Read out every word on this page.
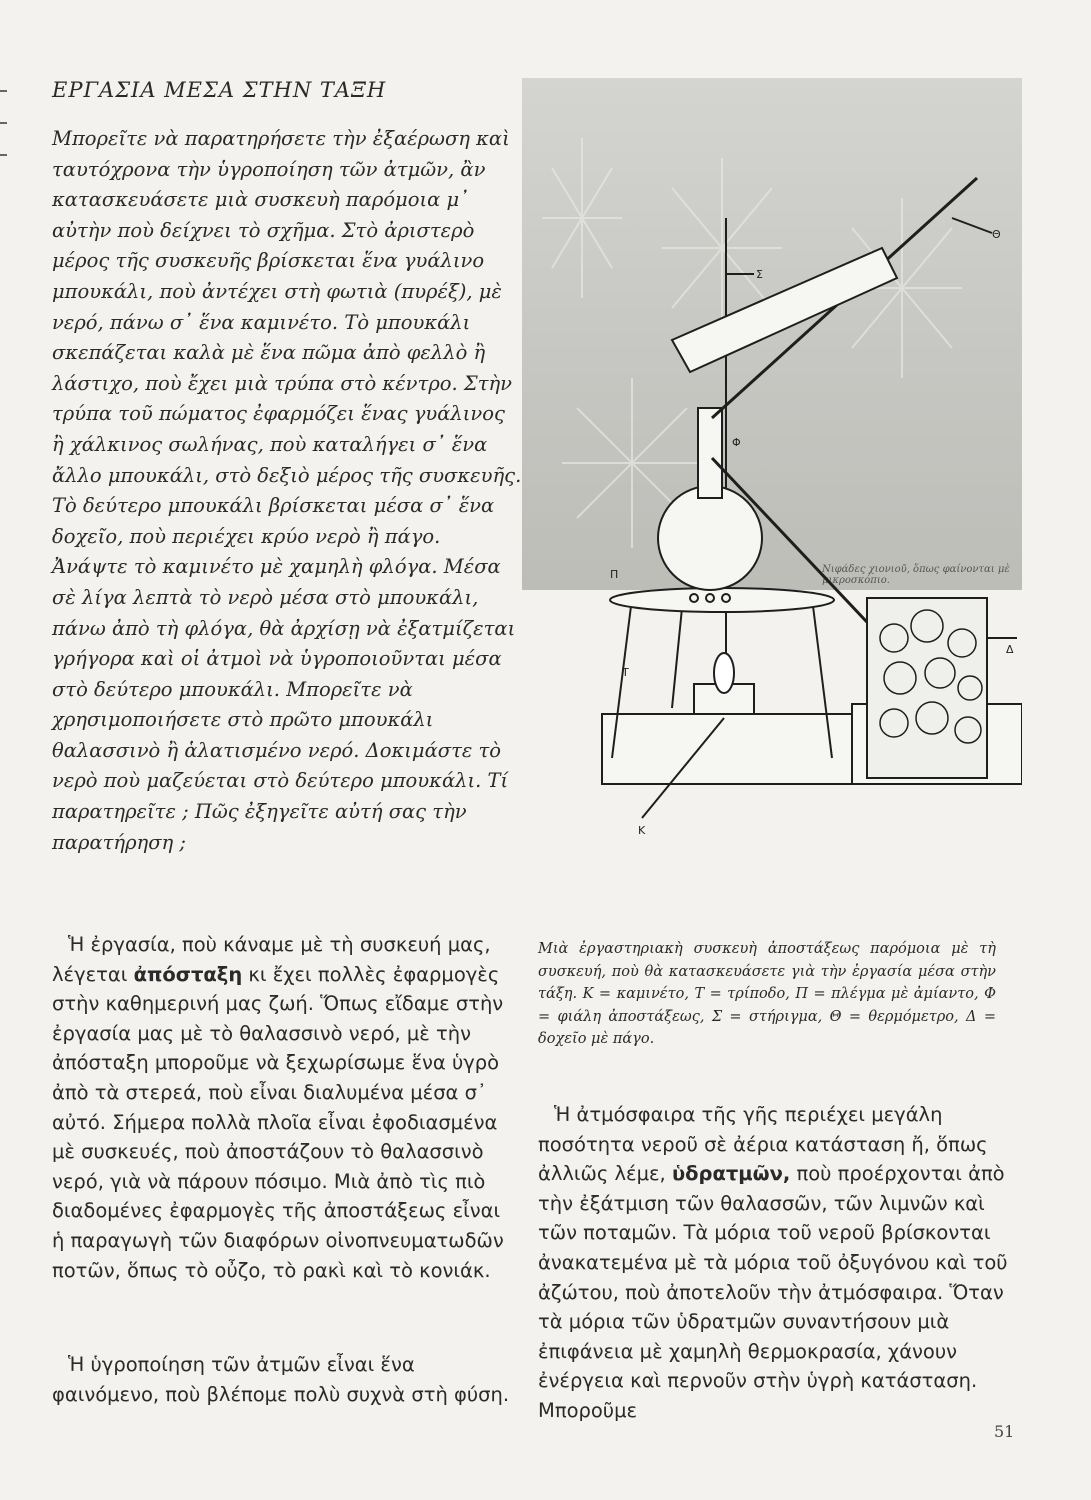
ΕΡΓΑΣΙΑ ΜΕΣΑ ΣΤΗΝ ΤΑΞΗ

Μπορεῖτε νὰ παρατηρήσετε τὴν ἐξαέρωση καὶ ταυτόχρονα τὴν ὑγροποίηση τῶν ἀτμῶν, ἂν κατασκευάσετε μιὰ συσκευὴ παρόμοια μ᾽ αὐτὴν ποὺ δείχνει τὸ σχῆμα. Στὸ ἀριστερὸ μέρος τῆς συσκευῆς βρίσκεται ἕνα γυάλινο μπουκάλι, ποὺ ἀντέχει στὴ φωτιὰ (πυρέξ), μὲ νερό, πάνω σ᾽ ἕνα καμινέτο. Τὸ μπουκάλι σκεπάζεται καλὰ μὲ ἕνα πῶμα ἀπὸ φελλὸ ἢ λάστιχο, ποὺ ἔχει μιὰ τρύπα στὸ κέντρο. Στὴν τρύπα τοῦ πώματος ἐφαρμόζει ἕνας γυάλινος ἢ χάλκινος σωλήνας, ποὺ καταλήγει σ᾽ ἕνα ἄλλο μπουκάλι, στὸ δεξιὸ μέρος τῆς συσκευῆς. Τὸ δεύτερο μπουκάλι βρίσκεται μέσα σ᾽ ἕνα δοχεῖο, ποὺ περιέχει κρύο νερὸ ἢ πάγο. Ἀνάψτε τὸ καμινέτο μὲ χαμηλὴ φλόγα. Μέσα σὲ λίγα λεπτὰ τὸ νερὸ μέσα στὸ μπουκάλι, πάνω ἀπὸ τὴ φλόγα, θὰ ἀρχίσῃ νὰ ἐξατμίζεται γρήγορα καὶ οἱ ἀτμοὶ νὰ ὑγροποιοῦνται μέσα στὸ δεύτερο μπουκάλι. Μπορεῖτε νὰ χρησιμοποιήσετε στὸ πρῶτο μπουκάλι θαλασσινὸ ἢ ἁλατισμένο νερό. Δοκιμάστε τὸ νερὸ ποὺ μαζεύεται στὸ δεύτερο μπουκάλι. Τί παρατηρεῖτε ; Πῶς ἐξηγεῖτε αὐτή σας τὴν παρατήρηση ;

Ἡ ἐργασία, ποὺ κάναμε μὲ τὴ συσκευή μας, λέγεται ἀπόσταξη κι ἔχει πολλὲς ἐφαρμογὲς στὴν καθημερινή μας ζωή. Ὅπως εἴδαμε στὴν ἐργασία μας μὲ τὸ θαλασσινὸ νερό, μὲ τὴν ἀπόσταξη μποροῦμε νὰ ξεχωρίσωμε ἕνα ὑγρὸ ἀπὸ τὰ στερεά, ποὺ εἶναι διαλυμένα μέσα σ᾽ αὐτό. Σήμερα πολλὰ πλοῖα εἶναι ἐφοδιασμένα μὲ συσκευές, ποὺ ἀποστάζουν τὸ θαλασσινὸ νερό, γιὰ νὰ πάρουν πόσιμο. Μιὰ ἀπὸ τὶς πιὸ διαδομένες ἐφαρμογὲς τῆς ἀποστάξεως εἶναι ἡ παραγωγὴ τῶν διαφόρων οἰνοπνευματωδῶν ποτῶν, ὅπως τὸ οὖζο, τὸ ρακὶ καὶ τὸ κονιάκ.

Ἡ ὑγροποίηση τῶν ἀτμῶν εἶναι ἕνα φαινόμενο, ποὺ βλέπομε πολὺ συχνὰ στὴ φύση.

Νιφάδες χιονιοῦ, ὅπως φαίνονται μὲ μικροσκόπιο.
Θ
Σ
Φ
Π
Τ
Κ
Δ

Μιὰ ἐργαστηριακὴ συσκευὴ ἀποστάξεως παρόμοια μὲ τὴ συσκευή, ποὺ θὰ κατασκευάσετε γιὰ τὴν ἐργασία μέσα στὴν τάξη. Κ = καμινέτο, Τ = τρίποδο, Π = πλέγμα μὲ ἀμίαντο, Φ = φιάλη ἀποστάξεως, Σ = στήριγμα, Θ = θερμόμετρο, Δ = δοχεῖο μὲ πάγο.

Ἡ ἀτμόσφαιρα τῆς γῆς περιέχει μεγάλη ποσότητα νεροῦ σὲ ἀέρια κατάσταση ἤ, ὅπως ἀλλιῶς λέμε, ὑδρατμῶν, ποὺ προέρχονται ἀπὸ τὴν ἐξάτμιση τῶν θαλασσῶν, τῶν λιμνῶν καὶ τῶν ποταμῶν. Τὰ μόρια τοῦ νεροῦ βρίσκονται ἀνακατεμένα μὲ τὰ μόρια τοῦ ὀξυγόνου καὶ τοῦ ἀζώτου, ποὺ ἀποτελοῦν τὴν ἀτμόσφαιρα. Ὅταν τὰ μόρια τῶν ὑδρατμῶν συναντήσουν μιὰ ἐπιφάνεια μὲ χαμηλὴ θερμοκρασία, χάνουν ἐνέργεια καὶ περνοῦν στὴν ὑγρὴ κατάσταση. Μποροῦμε

51
